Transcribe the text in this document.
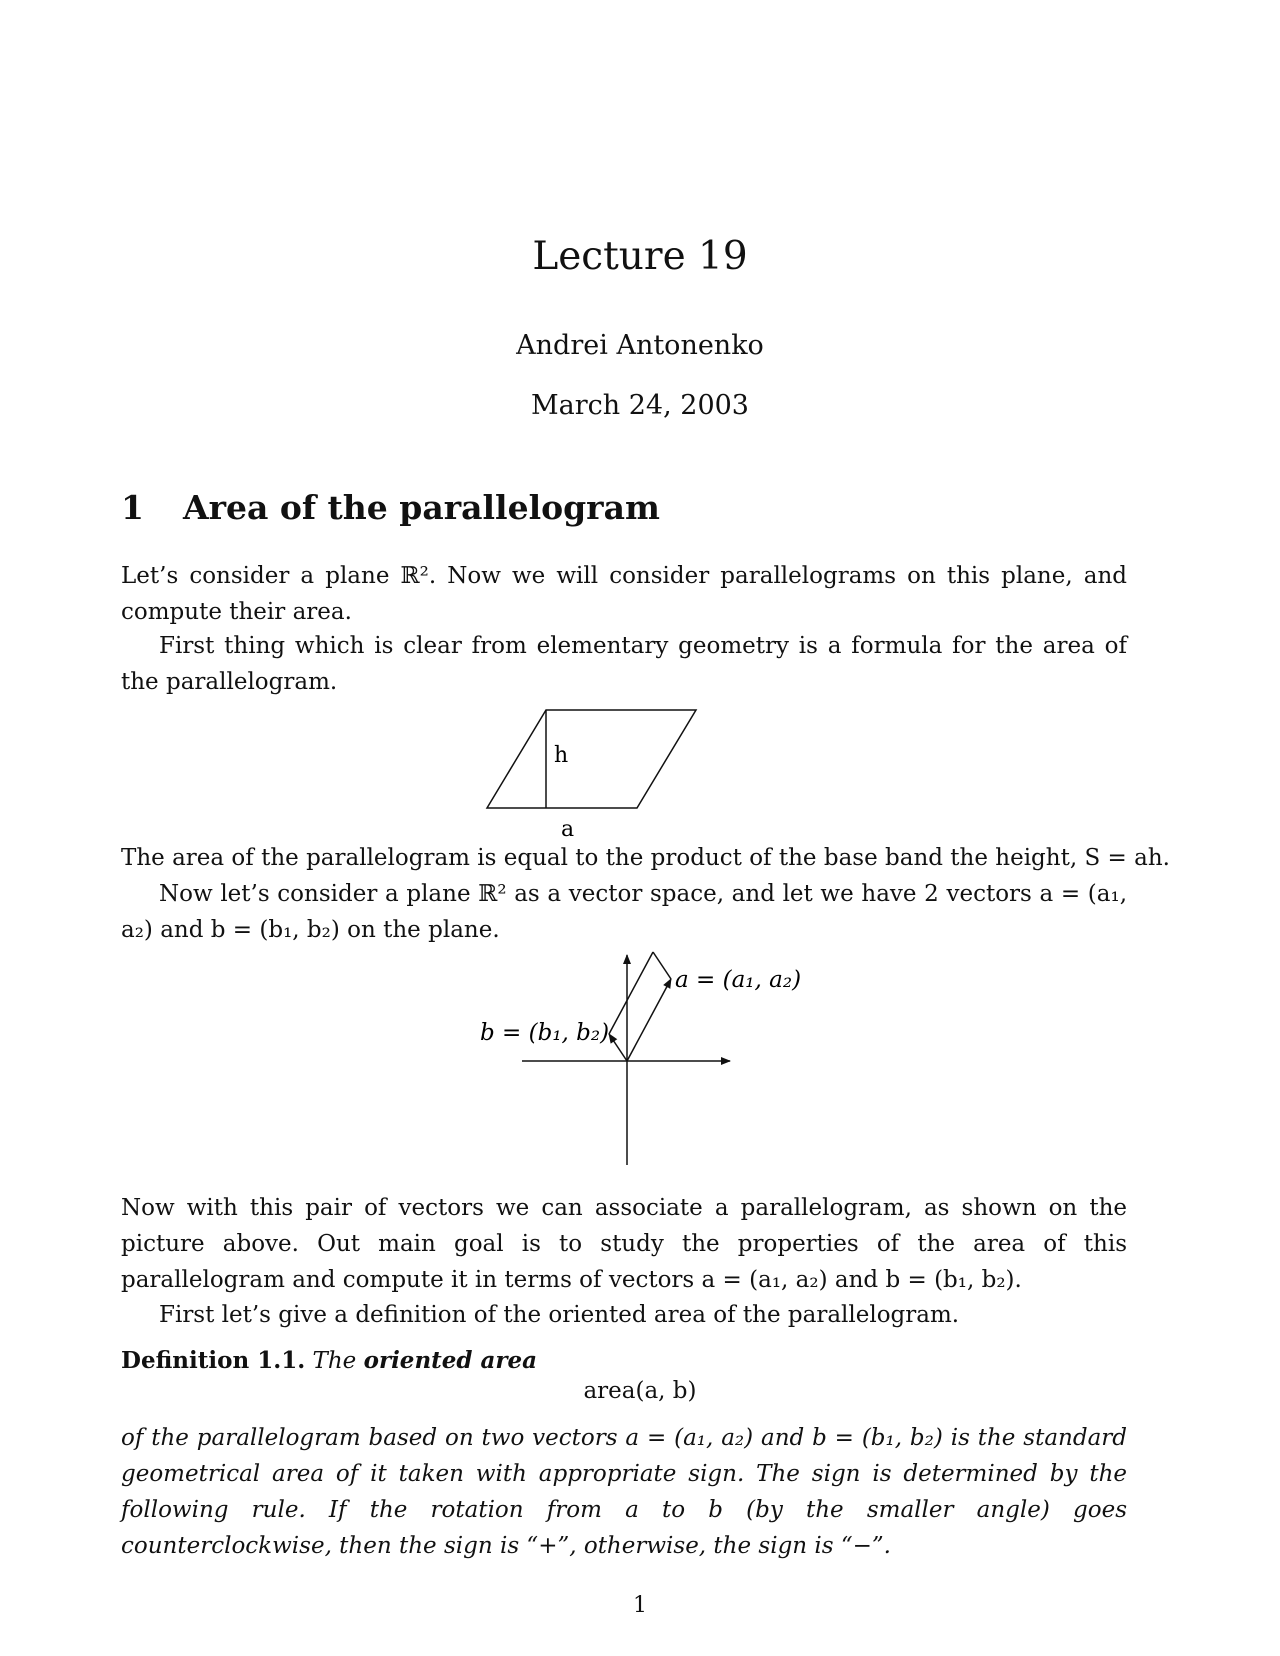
Lecture 19
Andrei Antonenko
March 24, 2003
1 Area of the parallelogram
Let’s consider a plane ℝ². Now we will consider parallelograms on this plane, and compute their area.
First thing which is clear from elementary geometry is a formula for the area of the parallelogram.
h
a
The area of the parallelogram is equal to the product of the base band the height, S = ah.
Now let’s consider a plane ℝ² as a vector space, and let we have 2 vectors a = (a₁, a₂) and b = (b₁, b₂) on the plane.
a = (a₁, a₂)
b = (b₁, b₂)
Now with this pair of vectors we can associate a parallelogram, as shown on the picture above. Out main goal is to study the properties of the area of this parallelogram and compute it in terms of vectors a = (a₁, a₂) and b = (b₁, b₂).
First let’s give a definition of the oriented area of the parallelogram.
Definition 1.1. The oriented area
area(a, b)
of the parallelogram based on two vectors a = (a₁, a₂) and b = (b₁, b₂) is the standard geometrical area of it taken with appropriate sign. The sign is determined by the following rule. If the rotation from a to b (by the smaller angle) goes counterclockwise, then the sign is “+”, otherwise, the sign is “−”.
1
